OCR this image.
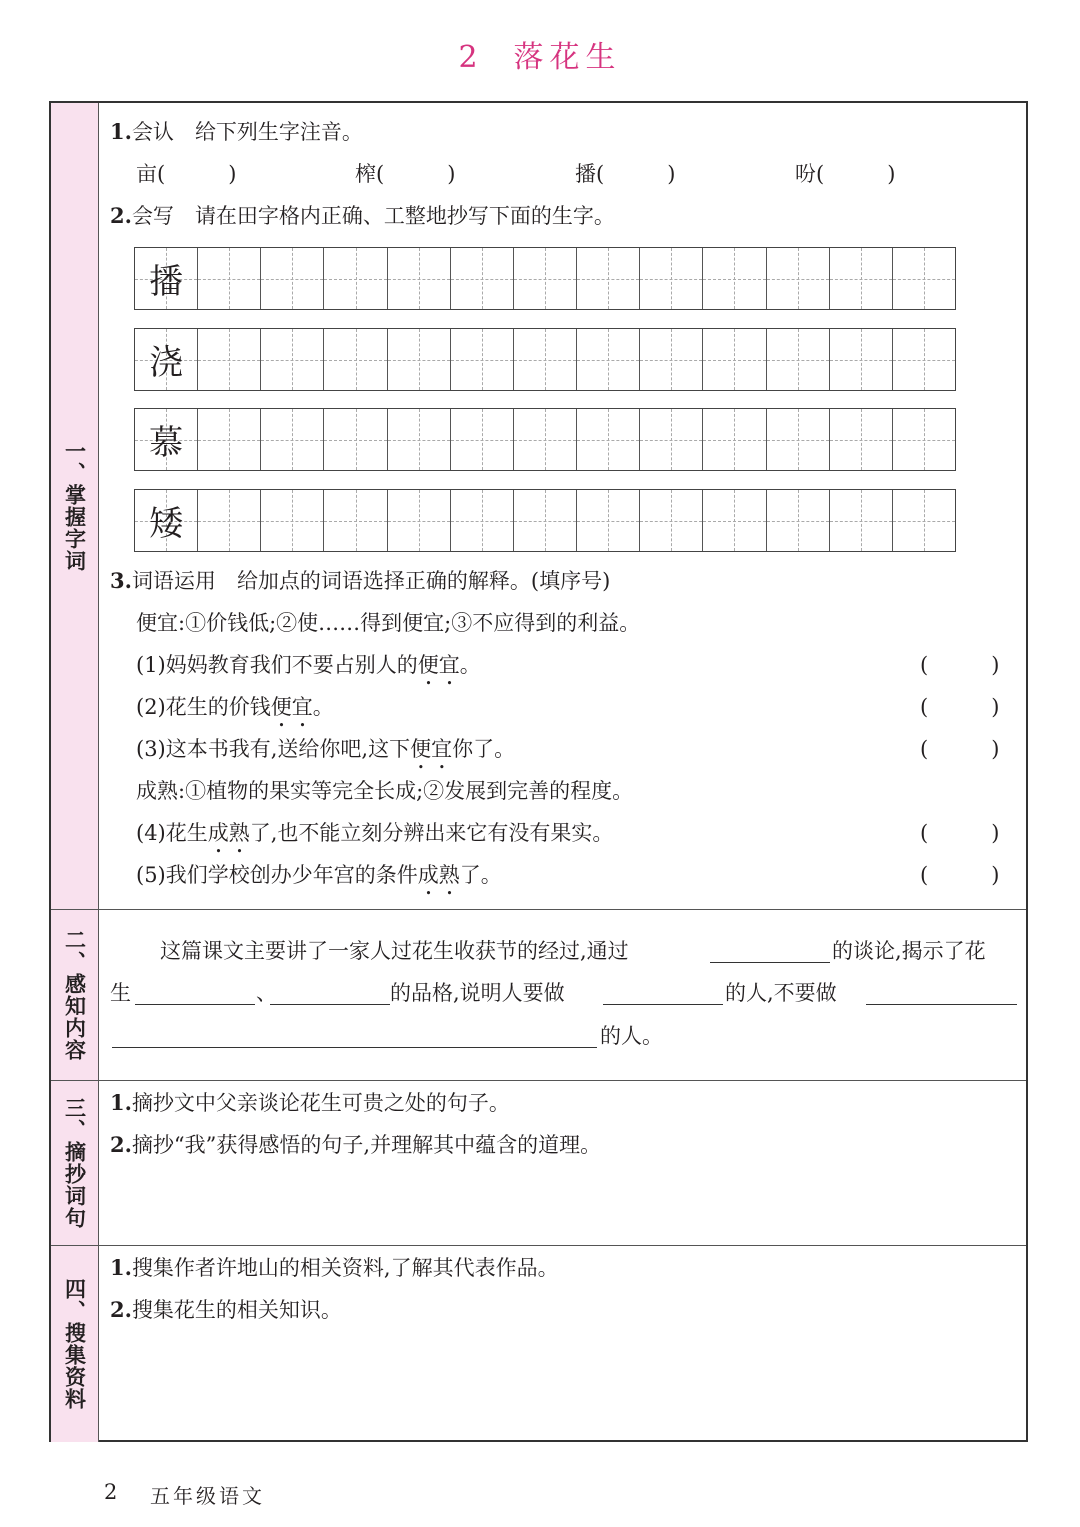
2 落花生
一、掌握字词
二、感知内容
三、摘抄词句
四、搜集资料
1.会认　 给下列生字注音。
亩(　　　)	榨(　　　)	播(　　　)	吩(　　　)
2.会写　 请在田字格内正确、工整地抄写下面的生字。
播
浇
慕
矮
3.词语运用　 给加点的词语选择正确的解释。(填序号)
便宜:①价钱低;②使……得到便宜;③不应得到的利益。
成熟:①植物的果实等完全长成;②发展到完善的程度。
这篇课文主要讲了一家人过花生收获节的经过,通过	的谈论,揭示了花
生	、	的品格,说明人要做	的人,不要做
的人。
1.摘抄文中父亲谈论花生可贵之处的句子。
2.摘抄“我”获得感悟的句子,并理解其中蕴含的道理。
1.搜集作者许地山的相关资料,了解其代表作品。
2.搜集花生的相关知识。
2 五年级语文
(1)妈妈教育我们不要占别人的便宜。	(　　　)
(2)花生的价钱便宜。	(　　　)
(3)这本书我有,送给你吧,这下便宜你了。	(　　　)
(4)花生成熟了,也不能立刻分辨出来它有没有果实。	(　　　)
(5)我们学校创办少年宫的条件成熟了。	(　　　)
